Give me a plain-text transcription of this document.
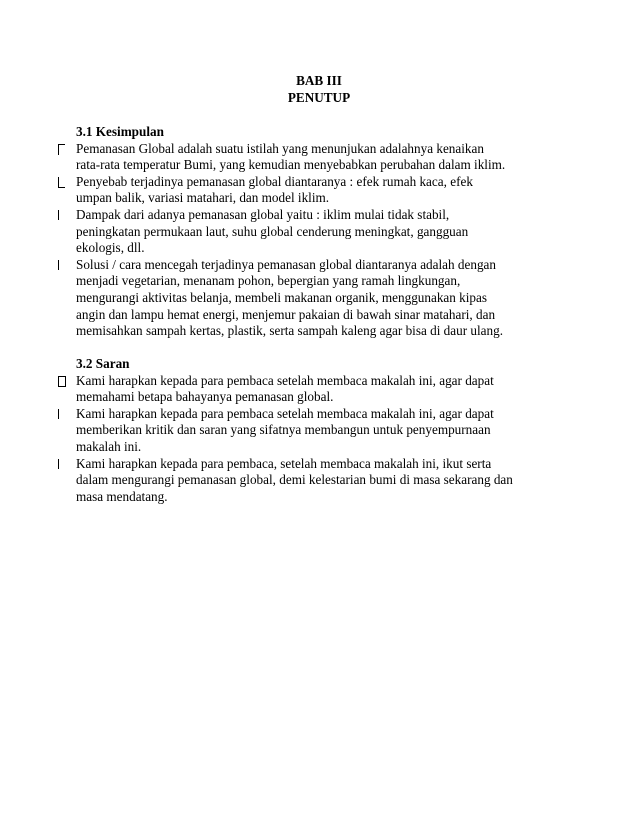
BAB III
PENUTUP

3.1 Kesimpulan

Pemanasan Global adalah suatu istilah yang menunjukan adalahnya kenaikan
rata-rata temperatur Bumi, yang kemudian menyebabkan perubahan dalam iklim.
Penyebab terjadinya pemanasan global diantaranya : efek rumah kaca, efek
umpan balik, variasi matahari, dan model iklim.
Dampak dari adanya pemanasan global yaitu : iklim mulai tidak stabil,
peningkatan permukaan laut, suhu global cenderung meningkat, gangguan
ekologis, dll.
Solusi / cara mencegah terjadinya pemanasan global diantaranya adalah dengan
menjadi vegetarian, menanam pohon, bepergian yang ramah lingkungan,
mengurangi aktivitas belanja, membeli makanan organik, menggunakan kipas
angin dan lampu hemat energi, menjemur pakaian di bawah sinar matahari, dan
memisahkan sampah kertas, plastik, serta sampah kaleng agar bisa di daur ulang.

3.2 Saran

Kami harapkan kepada para pembaca setelah membaca makalah ini, agar dapat
memahami betapa bahayanya pemanasan global.
Kami harapkan kepada para pembaca setelah membaca makalah ini, agar dapat
memberikan kritik dan saran yang sifatnya membangun untuk penyempurnaan
makalah ini.
Kami harapkan kepada para pembaca, setelah membaca makalah ini, ikut serta
dalam mengurangi pemanasan global, demi kelestarian bumi di masa sekarang dan
masa mendatang.
